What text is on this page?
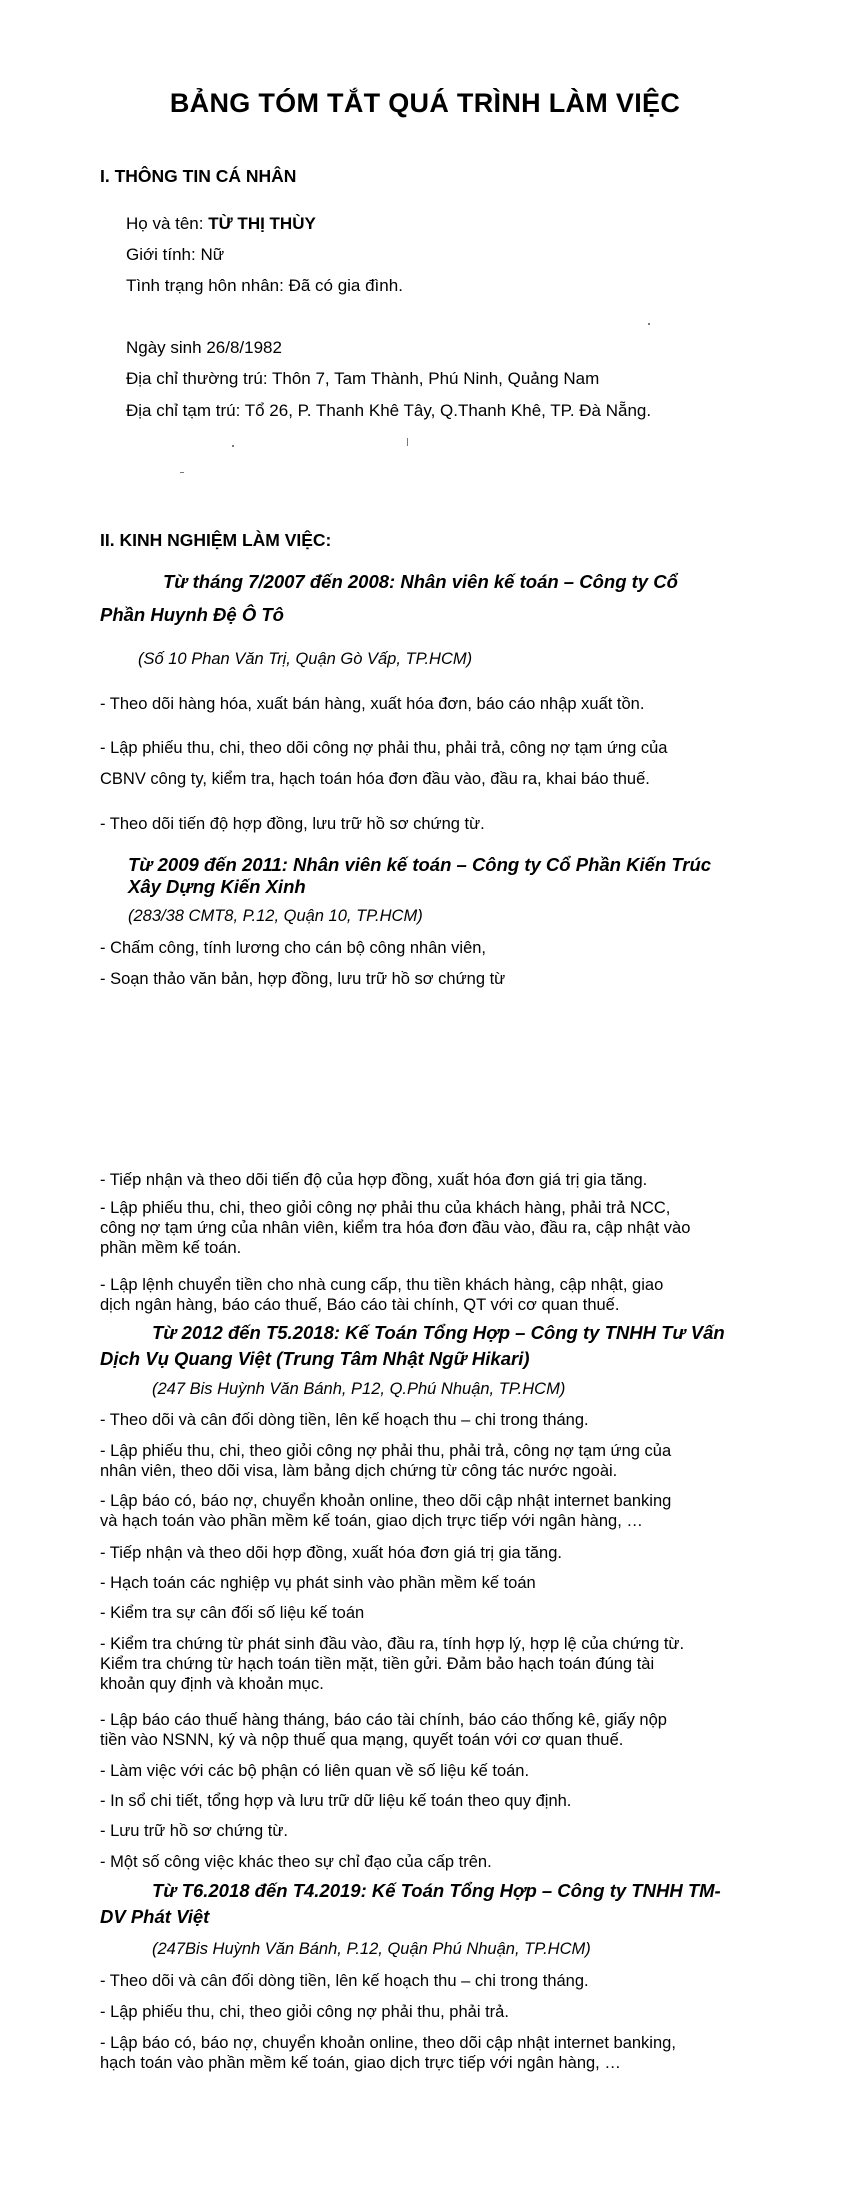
BẢNG TÓM TẮT QUÁ TRÌNH LÀM VIỆC
I. THÔNG TIN CÁ NHÂN
Họ và tên: TỪ THỊ THÙY
Giới tính: Nữ
Tình trạng hôn nhân: Đã có gia đình.
Ngày sinh 26/8/1982
Địa chỉ thường trú: Thôn 7, Tam Thành, Phú Ninh, Quảng Nam
Địa chỉ tạm trú: Tổ 26, P. Thanh Khê Tây, Q.Thanh Khê, TP. Đà Nẵng.
II. KINH NGHIỆM LÀM VIỆC:
Từ tháng 7/2007 đến 2008: Nhân viên kế toán – Công ty Cổ
Phần Huynh Đệ Ô Tô
(Số 10 Phan Văn Trị, Quận Gò Vấp, TP.HCM)
- Theo dõi hàng hóa, xuất bán hàng, xuất hóa đơn, báo cáo nhập xuất tồn.
- Lập phiếu thu, chi, theo dõi công nợ phải thu, phải trả, công nợ tạm ứng của
CBNV công ty, kiểm tra, hạch toán hóa đơn đầu vào, đầu ra, khai báo thuế.
- Theo dõi tiến độ hợp đồng, lưu trữ hồ sơ chứng từ.
Từ 2009 đến 2011: Nhân viên kế toán – Công ty Cổ Phần Kiến Trúc
Xây Dựng Kiến Xinh
(283/38 CMT8, P.12, Quận 10, TP.HCM)
- Chấm công, tính lương cho cán bộ công nhân viên,
- Soạn thảo văn bản, hợp đồng, lưu trữ hồ sơ chứng từ
- Tiếp nhận và theo dõi tiến độ của hợp đồng, xuất hóa đơn giá trị gia tăng.
- Lập phiếu thu, chi, theo giỏi công nợ phải thu của khách hàng, phải trả NCC,
công nợ tạm ứng của nhân viên, kiểm tra hóa đơn đầu vào, đầu ra, cập nhật vào
phần mềm kế toán.
- Lập lệnh chuyển tiền cho nhà cung cấp, thu tiền khách hàng, cập nhật, giao
dịch ngân hàng, báo cáo thuế, Báo cáo tài chính, QT với cơ quan thuế.
Từ 2012 đến T5.2018: Kế Toán Tổng Hợp – Công ty TNHH Tư Vấn
Dịch Vụ Quang Việt (Trung Tâm Nhật Ngữ Hikari)
(247 Bis Huỳnh Văn Bánh, P12, Q.Phú Nhuận, TP.HCM)
- Theo dõi và cân đối dòng tiền, lên kế hoạch thu – chi trong tháng.
- Lập phiếu thu, chi, theo giỏi công nợ phải thu, phải trả, công nợ tạm ứng của
nhân viên, theo dõi visa, làm bảng dịch chứng từ công tác nước ngoài.
- Lập báo có, báo nợ, chuyển khoản online, theo dõi cập nhật internet banking
và hạch toán vào phần mềm kế toán, giao dịch trực tiếp với ngân hàng, …
- Tiếp nhận và theo dõi hợp đồng, xuất hóa đơn giá trị gia tăng.
- Hạch toán các nghiệp vụ phát sinh vào phần mềm kế toán
- Kiểm tra sự cân đối số liệu kế toán
- Kiểm tra chứng từ phát sinh đầu vào, đầu ra, tính hợp lý, hợp lệ của chứng từ.
Kiểm tra chứng từ hạch toán tiền mặt, tiền gửi. Đảm bảo hạch toán đúng tài
khoản quy định và khoản mục.
- Lập báo cáo thuế hàng tháng, báo cáo tài chính, báo cáo thống kê, giấy nộp
tiền vào NSNN, ký và nộp thuế qua mạng, quyết toán với cơ quan thuế.
- Làm việc với các bộ phận có liên quan về số liệu kế toán.
- In sổ chi tiết, tổng hợp và lưu trữ dữ liệu kế toán theo quy định.
- Lưu trữ hồ sơ chứng từ.
- Một số công việc khác theo sự chỉ đạo của cấp trên.
Từ T6.2018 đến T4.2019: Kế Toán Tổng Hợp – Công ty TNHH TM-
DV Phát Việt
(247Bis Huỳnh Văn Bánh, P.12, Quận Phú Nhuận, TP.HCM)
- Theo dõi và cân đối dòng tiền, lên kế hoạch thu – chi trong tháng.
- Lập phiếu thu, chi, theo giỏi công nợ phải thu, phải trả.
- Lập báo có, báo nợ, chuyển khoản online, theo dõi cập nhật internet banking,
hạch toán vào phần mềm kế toán, giao dịch trực tiếp với ngân hàng, …
